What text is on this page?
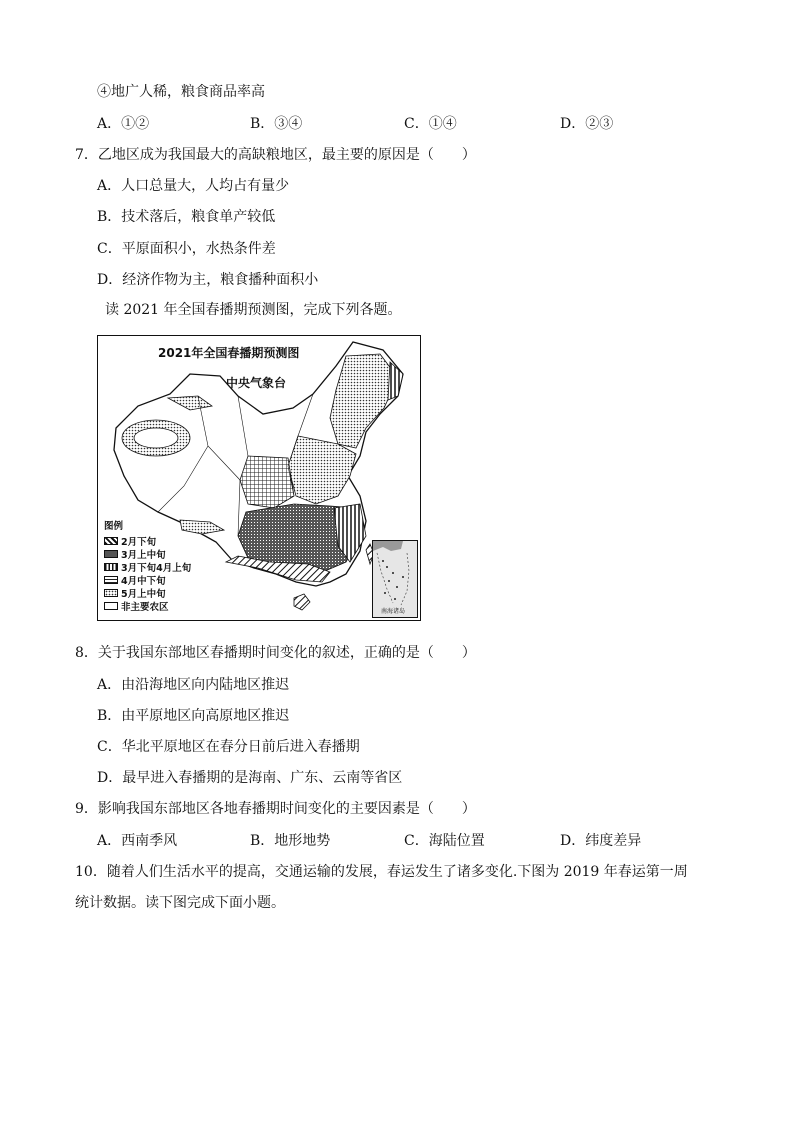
④地广人稀，粮食商品率高
A．①②	B．③④	C．①④	D．②③
7．乙地区成为我国最大的高缺粮地区，最主要的原因是（　　）
A．人口总量大，人均占有量少
B．技术落后，粮食单产较低
C．平原面积小，水热条件差
D．经济作物为主，粮食播种面积小
读 2021 年全国春播期预测图，完成下列各题。
2021年全国春播期预测图
中央气象台
图例
2月下旬
3月上中旬
3月下旬4月上旬
4月中下旬
5月上中旬
非主要农区	南海诸岛
8．关于我国东部地区春播期时间变化的叙述，正确的是（　　）
A．由沿海地区向内陆地区推迟
B．由平原地区向高原地区推迟
C．华北平原地区在春分日前后进入春播期
D．最早进入春播期的是海南、广东、云南等省区
9．影响我国东部地区各地春播期时间变化的主要因素是（　　）
A．西南季风	B．地形地势	C．海陆位置	D．纬度差异
10．随着人们生活水平的提高，交通运输的发展，春运发生了诸多变化.下图为 2019 年春运第一周
统计数据。读下图完成下面小题。
